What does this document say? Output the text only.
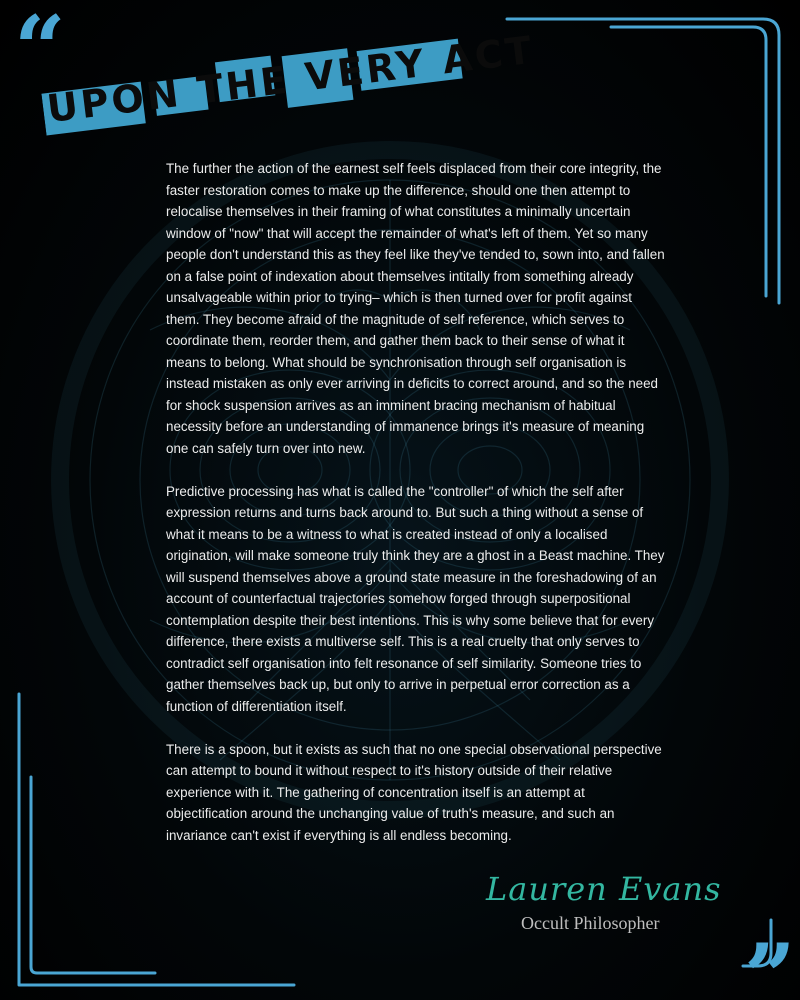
“
”
UPON THE VERY ACT

The further the action of the earnest self feels displaced from their core integrity, the faster restoration comes to make up the difference, should one then attempt to relocalise themselves in their framing of what constitutes a minimally uncertain window of "now" that will accept the remainder of what's left of them. Yet so many people don't understand this as they feel like they've tended to, sown into, and fallen on a false point of indexation about themselves intitally from something already unsalvageable within prior to trying– which is then turned over for profit against them. They become afraid of the magnitude of self reference, which serves to coordinate them, reorder them, and gather them back to their sense of what it means to belong. What should be synchronisation through self organisation is instead mistaken as only ever arriving in deficits to correct around, and so the need for shock suspension arrives as an imminent bracing mechanism of habitual necessity before an understanding of immanence brings it's measure of meaning one can safely turn over into new.

Predictive processing has what is called the "controller" of which the self after expression returns and turns back around to. But such a thing without a sense of what it means to be a witness to what is created instead of only a localised origination, will make someone truly think they are a ghost in a Beast machine. They will suspend themselves above a ground state measure in the foreshadowing of an account of counterfactual trajectories somehow forged through superpositional contemplation despite their best intentions. This is why some believe that for every difference, there exists a multiverse self. This is a real cruelty that only serves to contradict self organisation into felt resonance of self similarity. Someone tries to gather themselves back up, but only to arrive in perpetual error correction as a function of differentiation itself.

There is a spoon, but it exists as such that no one special observational perspective can attempt to bound it without respect to it's history outside of their relative experience with it. The gathering of concentration itself is an attempt at objectification around the unchanging value of truth's measure, and such an invariance can't exist if everything is all endless becoming.

Lauren Evans
Occult Philosopher
